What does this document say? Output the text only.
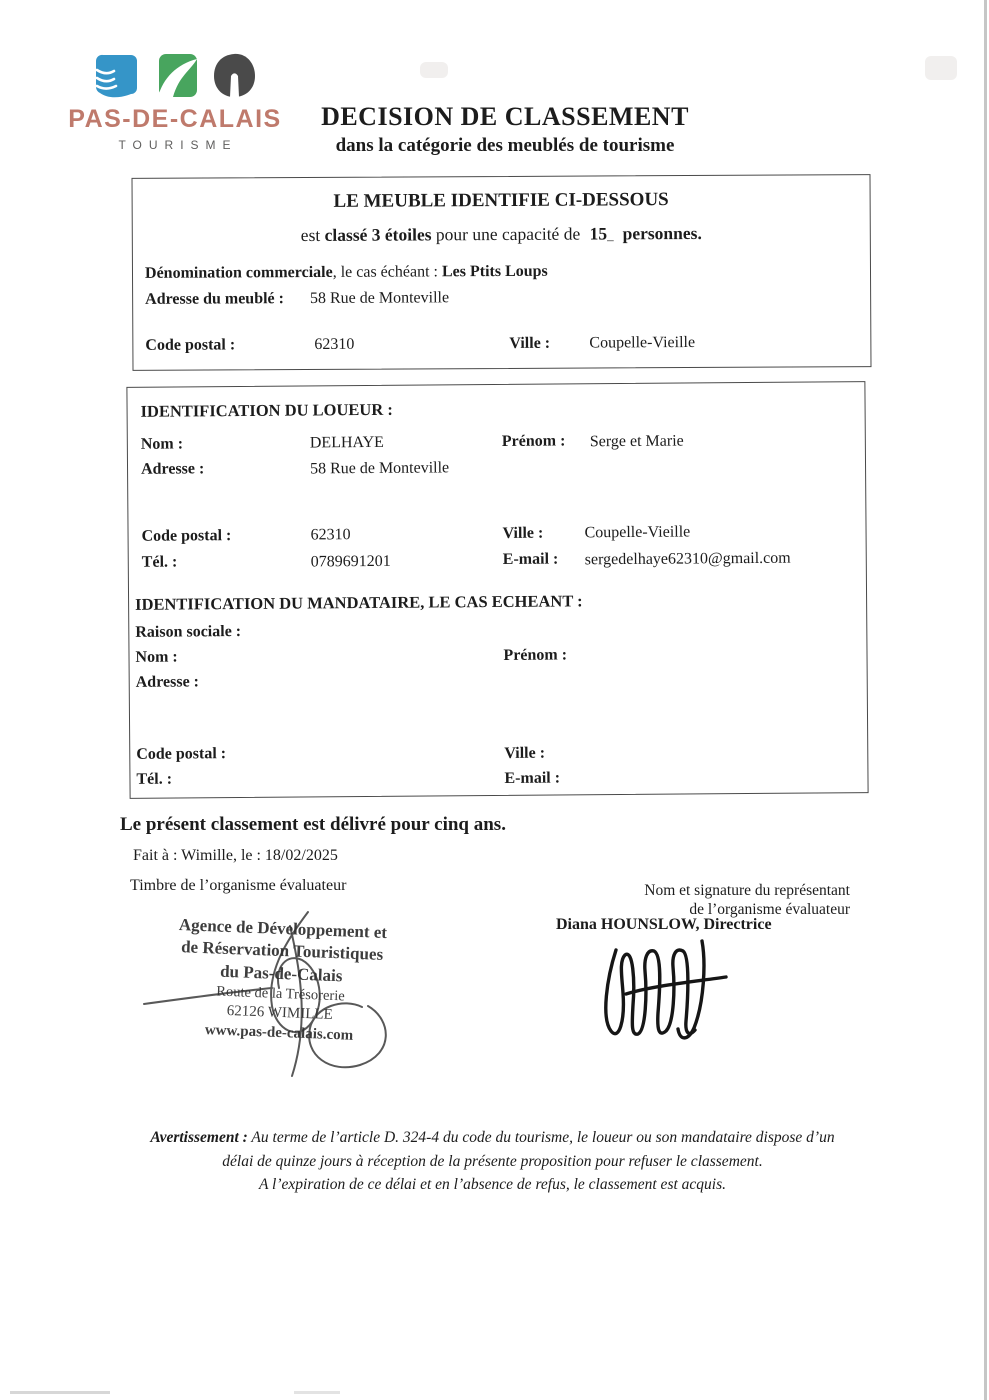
PAS-DE-CALAIS
TOURISME
DECISION DE CLASSEMENT
dans la catégorie des meublés de tourisme
LE MEUBLE IDENTIFIE CI-DESSOUS
est classé 3 étoiles pour une capacité de 15_ personnes.
Dénomination commerciale, le cas échéant : Les Ptits Loups
Adresse du meublé : 58 Rue de Monteville
Code postal :	62310	Ville : Coupelle-Vieille
IDENTIFICATION DU LOUEUR :
Nom :	DELHAYE	Prénom : Serge et Marie
Adresse :	58 Rue de Monteville
Code postal :	62310	Ville :	Coupelle-Vieille
Tél. :	0789691201	E-mail : sergedelhaye62310@gmail.com
IDENTIFICATION DU MANDATAIRE, LE CAS ECHEANT :
Raison sociale :
Nom :	Prénom :
Adresse :
Code postal :	Ville :
Tél. :	E-mail :
Le présent classement est délivré pour cinq ans.
Fait à : Wimille, le : 18/02/2025
Timbre de l’organisme évaluateur	Nom et signature du représentant
de l’organisme évaluateur
Diana HOUNSLOW, Directrice
Agence de Développement et
de Réservation Touristiques
du Pas-de-Calais
Route de la Trésorerie
62126 WIMILLE
www.pas-de-calais.com
Avertissement : Au terme de l’article D. 324-4 du code du tourisme, le loueur ou son mandataire dispose d’un
délai de quinze jours à réception de la présente proposition pour refuser le classement.
A l’expiration de ce délai et en l’absence de refus, le classement est acquis.
